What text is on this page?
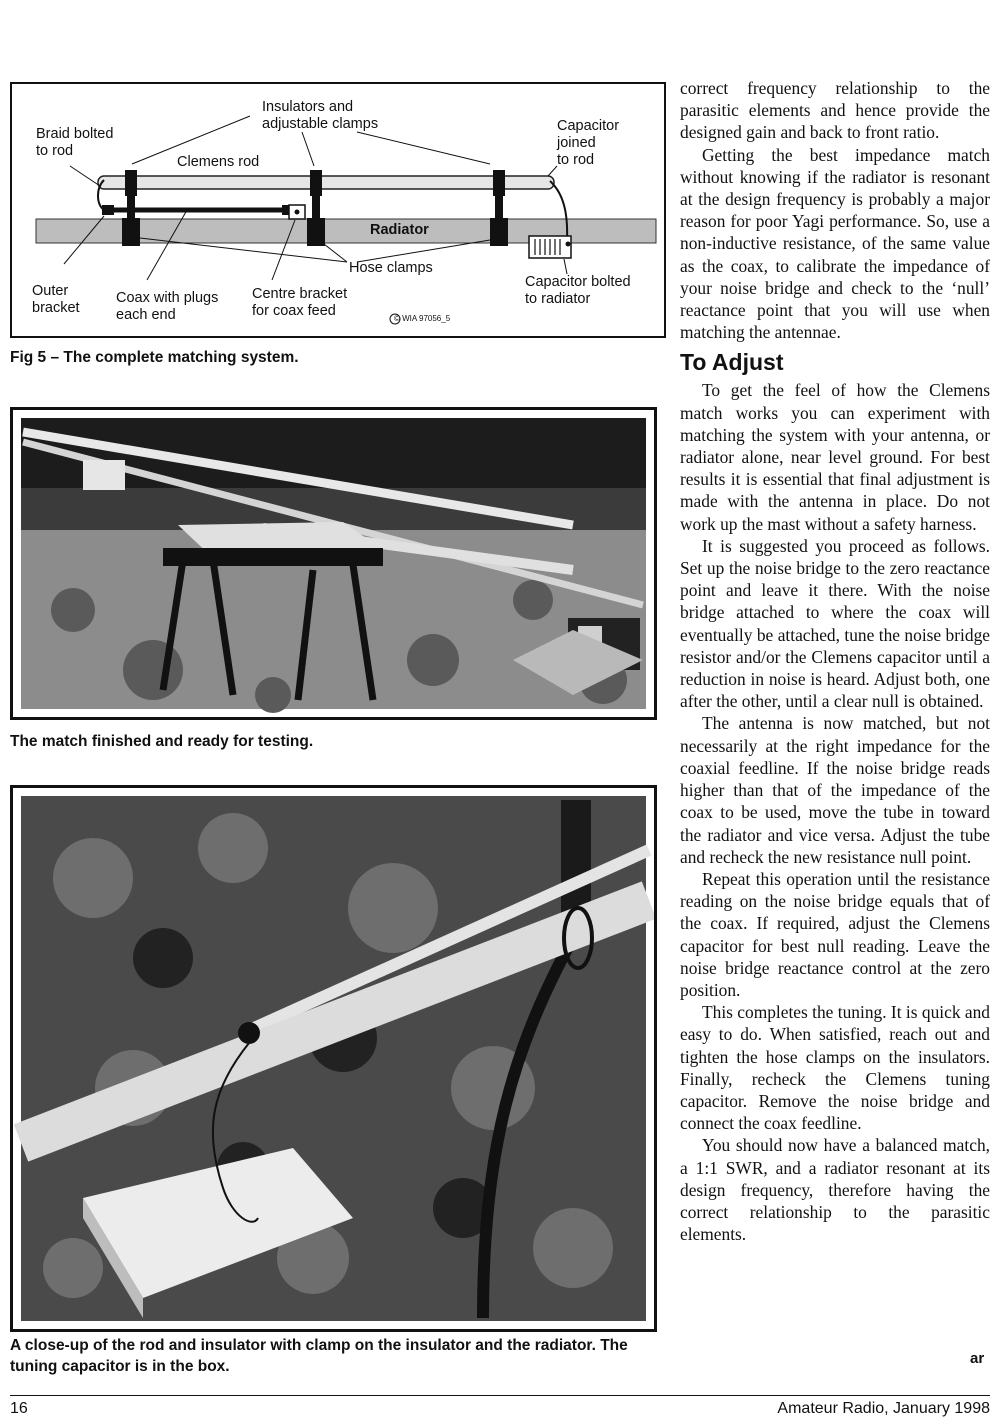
Insulators and
adjustable clamps
Braid bolted
to rod
Clemens rod
Capacitor
joined
to rod
Radiator
Hose clamps
Outer
bracket
Coax with plugs
each end
Centre bracket
for coax feed
Capacitor bolted
to radiator
© WIA 97056_5
Fig 5 – The complete matching system.
The match finished and ready for testing.
A close-up of the rod and insulator with clamp on the insulator and the radiator. The tuning capacitor is in the box.

correct frequency relationship to the parasitic elements and hence provide the designed gain and back to front ratio.

Getting the best impedance match without knowing if the radiator is resonant at the design frequency is probably a major reason for poor Yagi performance. So, use a non-inductive resistance, of the same value as the coax, to calibrate the impedance of your noise bridge and check to the ‘null’ reactance point that you will use when matching the antennae.

To Adjust

To get the feel of how the Clemens match works you can experiment with matching the system with your antenna, or radiator alone, near level ground. For best results it is essential that final adjustment is made with the antenna in place. Do not work up the mast without a safety harness.

It is suggested you proceed as follows. Set up the noise bridge to the zero reactance point and leave it there. With the noise bridge attached to where the coax will eventually be attached, tune the noise bridge resistor and/or the Clemens capacitor until a reduction in noise is heard. Adjust both, one after the other, until a clear null is obtained.

The antenna is now matched, but not necessarily at the right impedance for the coaxial feedline. If the noise bridge reads higher than that of the impedance of the coax to be used, move the tube in toward the radiator and vice versa. Adjust the tube and recheck the new resistance null point.

Repeat this operation until the resistance reading on the noise bridge equals that of the coax. If required, adjust the Clemens capacitor for best null reading. Leave the noise bridge reactance control at the zero position.

This completes the tuning. It is quick and easy to do. When satisfied, reach out and tighten the hose clamps on the insulators. Finally, recheck the Clemens tuning capacitor. Remove the noise bridge and connect the coax feedline.

You should now have a balanced match, a 1:1 SWR, and a radiator resonant at its design frequency, therefore having the correct relationship to the parasitic elements.

ar
16	Amateur Radio, January 1998
